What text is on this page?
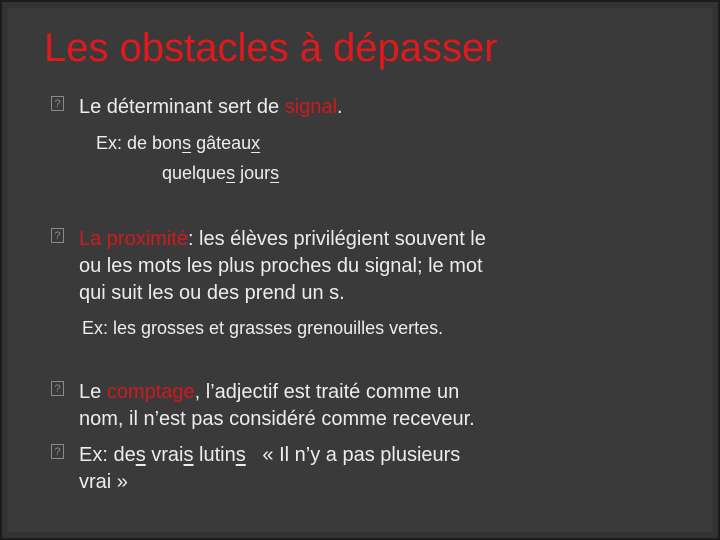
Les obstacles à dépasser
?
Le déterminant sert de signal.
Ex: de bons gâteaux
quelques jours
?
La proximité: les élèves privilégient souvent le
ou les mots les plus proches du signal; le mot
qui suit les ou des prend un s.
Ex: les grosses et grasses grenouilles vertes.
?
Le comptage, l’adjectif est traité comme un
nom, il n’est pas considéré comme receveur.
?
Ex: des vrais lutins   « Il n’y a pas plusieurs
vrai »
